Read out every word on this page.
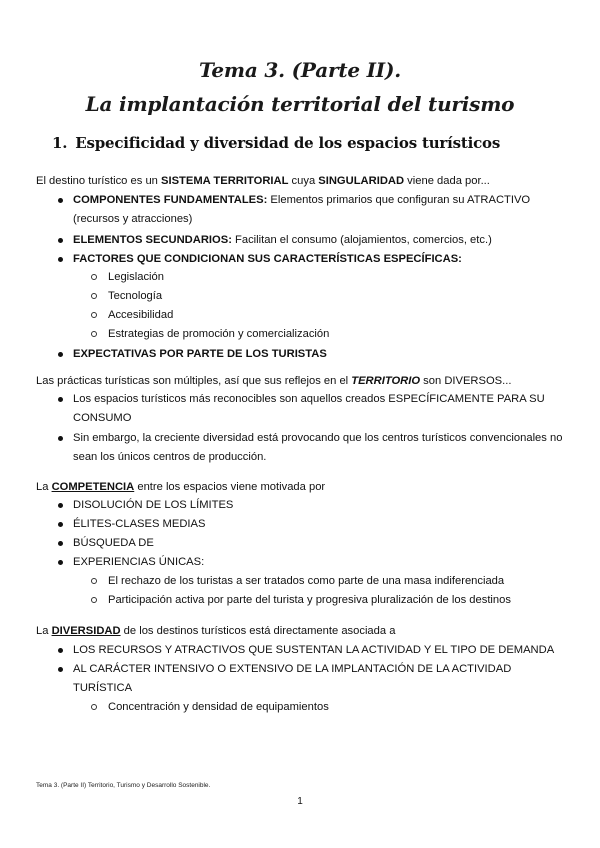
Tema 3. (Parte II).
La implantación territorial del turismo
1. Especificidad y diversidad de los espacios turísticos
El destino turístico es un SISTEMA TERRITORIAL cuya SINGULARIDAD viene dada por...
COMPONENTES FUNDAMENTALES: Elementos primarios que configuran su ATRACTIVO
(recursos y atracciones)
ELEMENTOS SECUNDARIOS: Facilitan el consumo (alojamientos, comercios, etc.)
FACTORES QUE CONDICIONAN SUS CARACTERÍSTICAS ESPECÍFICAS:
Legislación
Tecnología
Accesibilidad
Estrategias de promoción y comercialización
EXPECTATIVAS POR PARTE DE LOS TURISTAS
Las prácticas turísticas son múltiples, así que sus reflejos en el TERRITORIO son DIVERSOS...
Los espacios turísticos más reconocibles son aquellos creados ESPECÍFICAMENTE PARA SU
CONSUMO
Sin embargo, la creciente diversidad está provocando que los centros turísticos convencionales no
sean los únicos centros de producción.
La COMPETENCIA entre los espacios viene motivada por
DISOLUCIÓN DE LOS LÍMITES
ÉLITES-CLASES MEDIAS
BÚSQUEDA DE
EXPERIENCIAS ÚNICAS:
El rechazo de los turistas a ser tratados como parte de una masa indiferenciada
Participación activa por parte del turista y progresiva pluralización de los destinos
La DIVERSIDAD de los destinos turísticos está directamente asociada a
LOS RECURSOS Y ATRACTIVOS QUE SUSTENTAN LA ACTIVIDAD Y EL TIPO DE DEMANDA
AL CARÁCTER INTENSIVO O EXTENSIVO DE LA IMPLANTACIÓN DE LA ACTIVIDAD
TURÍSTICA
Concentración y densidad de equipamientos
Tema 3. (Parte II) Territorio, Turismo y Desarrollo Sostenible.
1
